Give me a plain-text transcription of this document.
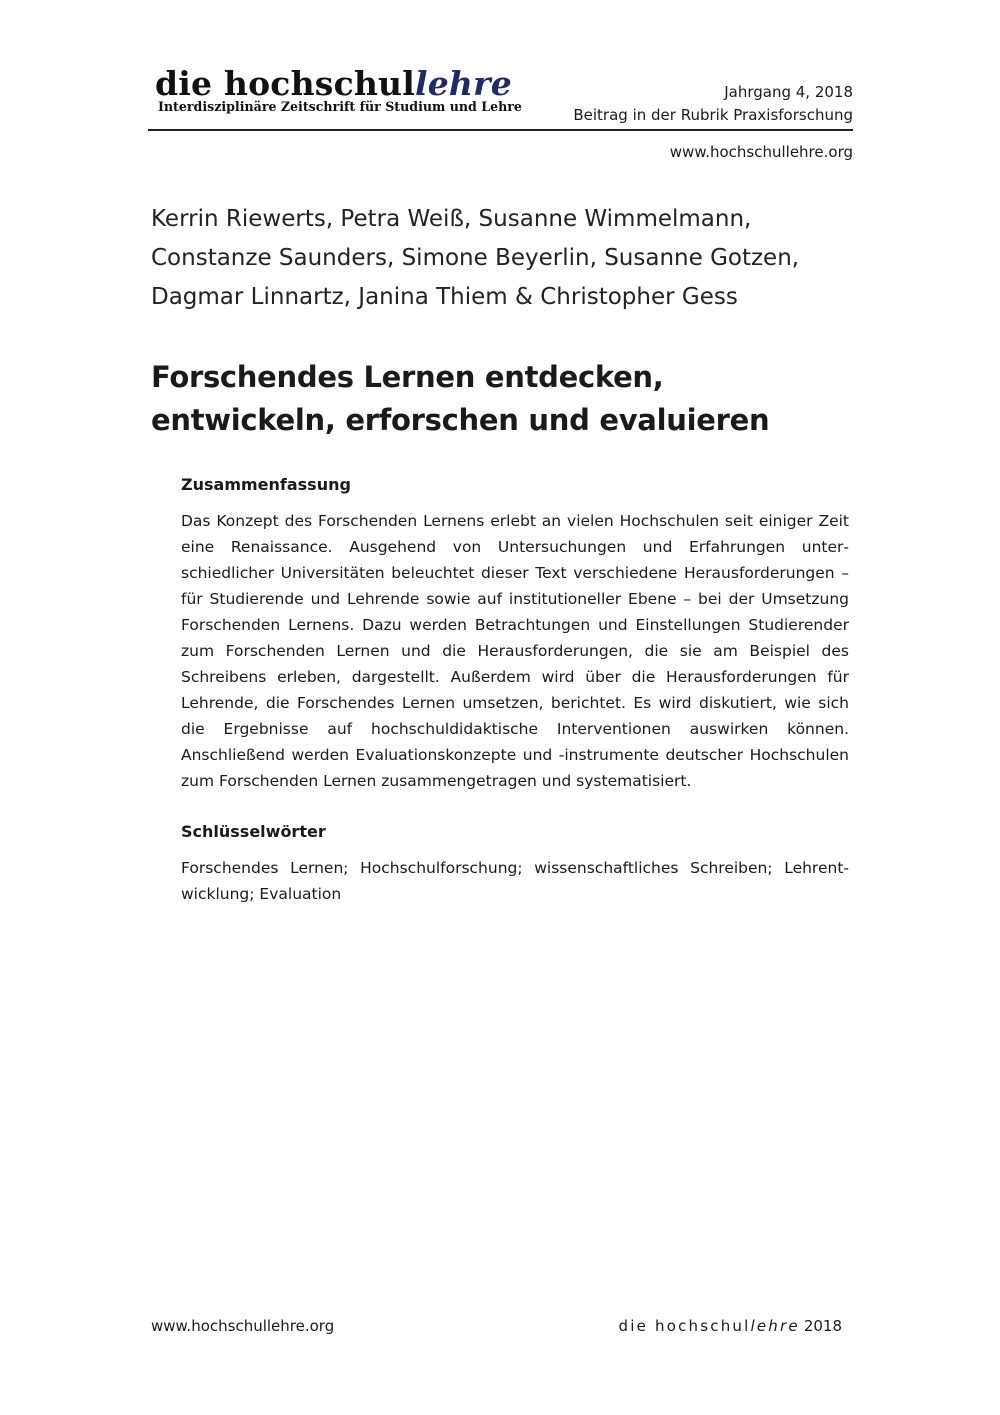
die hochschullehre
Interdisziplinäre Zeitschrift für Studium und Lehre
Jahrgang 4, 2018
Beitrag in der Rubrik Praxisforschung
www.hochschullehre.org
Kerrin Riewerts, Petra Weiß, Susanne Wimmelmann,
Constanze Saunders, Simone Beyerlin, Susanne Gotzen,
Dagmar Linnartz, Janina Thiem & Christopher Gess
Forschendes Lernen entdecken, entwickeln, erforschen und evaluieren
Zusammenfassung

Das Konzept des Forschenden Lernens erlebt an vielen Hochschulen seit einiger Zeit eine Renaissance. Ausgehend von Untersuchungen und Erfahrungen unterschiedlicher Universitäten beleuchtet dieser Text verschiedene Herausforderungen – für Studierende und Lehrende sowie auf institutioneller Ebene – bei der Umsetzung Forschenden Lernens. Dazu werden Betrachtungen und Einstellungen Studierender zum Forschenden Lernen und die Herausforderungen, die sie am Beispiel des Schreibens erleben, dargestellt. Außerdem wird über die Herausforderungen für Lehrende, die Forschendes Lernen umsetzen, berichtet. Es wird diskutiert, wie sich die Ergebnisse auf hochschuldidaktische Interventionen auswirken können. Anschließend werden Evaluationskonzepte und -instrumente deutscher Hochschulen zum Forschenden Lernen zusammengetragen und systematisiert.

Schlüsselwörter

Forschendes Lernen; Hochschulforschung; wissenschaftliches Schreiben; Lehrentwicklung; Evaluation

www.hochschullehre.org	die hochschullehre 2018
